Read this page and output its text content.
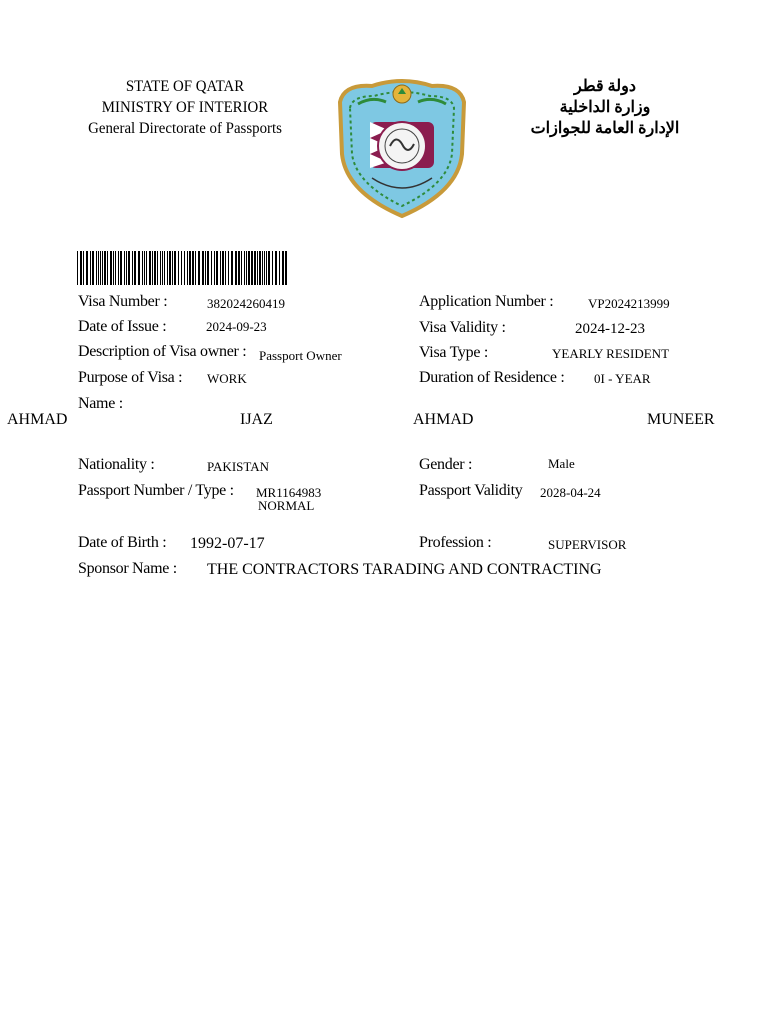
STATE OF QATAR
MINISTRY OF INTERIOR
General Directorate of Passports
دولة قطر
وزارة الداخلية
الإدارة العامة للجوازات
Visa Number :	382024260419
Date of Issue :	2024-09-23
Description of Visa owner : Passport Owner
Purpose of Visa : WORK
Name :
AHMAD	IJAZ	AHMAD	MUNEER
Nationality :	PAKISTAN
Passport Number / Type : MR1164983
NORMAL
Date of Birth : 1992-07-17
Sponsor Name : THE CONTRACTORS TARADING AND CONTRACTING
Application Number :	VP2024213999
Visa Validity :	2024-12-23
Visa Type :	YEARLY RESIDENT
Duration of Residence : 0I - YEAR
Gender :	Male
Passport Validity 2028-04-24
Profession :	SUPERVISOR
